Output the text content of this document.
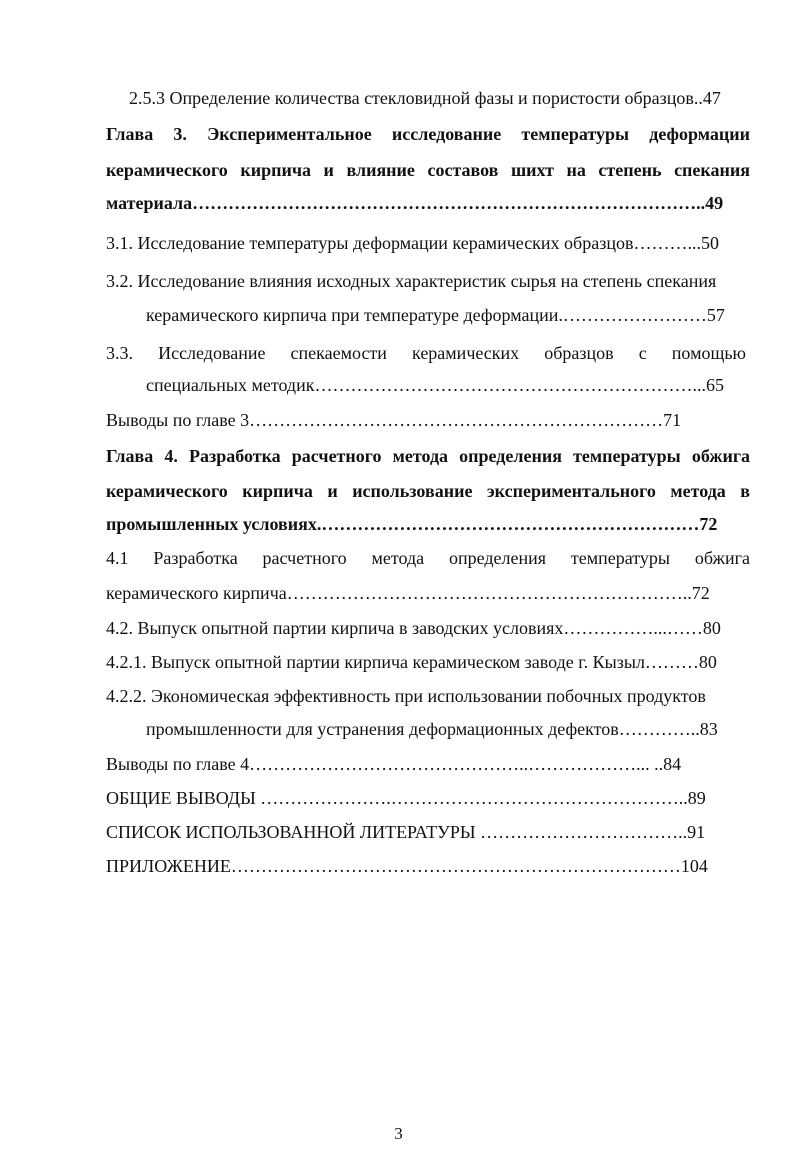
2.5.3 Определение количества стекловидной фазы и пористости образцов..47
Глава 3. Экспериментальное исследование температуры деформации
керамического кирпича и влияние составов шихт на степень спекания
материала…………………………………………………………………………..49
3.1. Исследование температуры деформации керамических образцов………...50
3.2. Исследование влияния исходных характеристик сырья на степень спекания
керамического кирпича при температуре деформации.……………………57
3.3. Исследование спекаемости керамических образцов с помощью
специальных методик………………………………………………………...65
Выводы по главе 3……………………………………………………………71
Глава 4. Разработка расчетного метода определения температуры обжига
керамического кирпича и использование экспериментального метода в
промышленных условиях.………………………………………………………72
4.1 Разработка расчетного метода определения температуры обжига
керамического кирпича…………………………………………………………..72
4.2. Выпуск опытной партии кирпича в заводских условиях……………...……80
4.2.1. Выпуск опытной партии кирпича керамическом заводе г. Кызыл………80
4.2.2. Экономическая эффективность при использовании побочных продуктов
промышленности для устранения деформационных дефектов…………..83
Выводы по главе 4………………………………………..………………... ..84
ОБЩИЕ ВЫВОДЫ ………………….…………………………………………..89
СПИСОК ИСПОЛЬЗОВАННОЙ ЛИТЕРАТУРЫ ……………………………..91
ПРИЛОЖЕНИЕ…………………………………………………………………104
3
